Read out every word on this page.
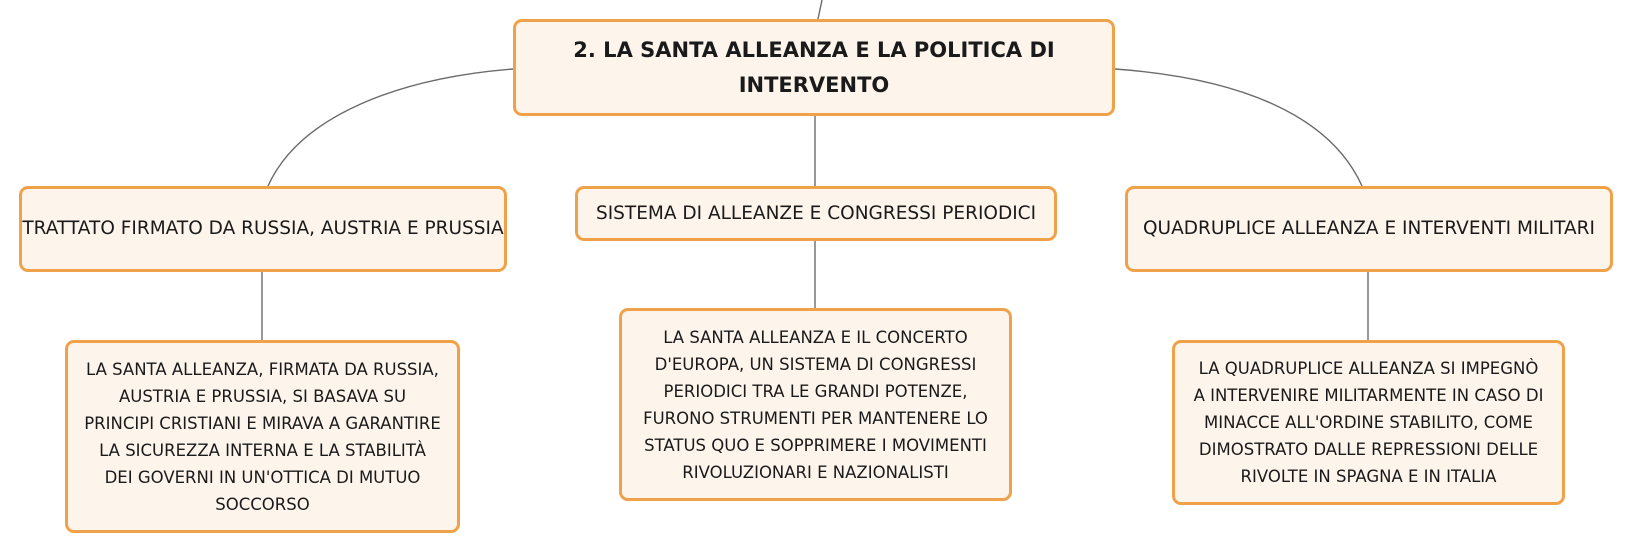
2. LA SANTA ALLEANZA E LA POLITICA DI INTERVENTO
TRATTATO FIRMATO DA RUSSIA, AUSTRIA E PRUSSIA
SISTEMA DI ALLEANZE E CONGRESSI PERIODICI
QUADRUPLICE ALLEANZA E INTERVENTI MILITARI
LA SANTA ALLEANZA, FIRMATA DA RUSSIA, AUSTRIA E PRUSSIA, SI BASAVA SU PRINCIPI CRISTIANI E MIRAVA A GARANTIRE LA SICUREZZA INTERNA E LA STABILITÀ DEI GOVERNI IN UN'OTTICA DI MUTUO SOCCORSO
LA SANTA ALLEANZA E IL CONCERTO D'EUROPA, UN SISTEMA DI CONGRESSI PERIODICI TRA LE GRANDI POTENZE, FURONO STRUMENTI PER MANTENERE LO STATUS QUO E SOPPRIMERE I MOVIMENTI RIVOLUZIONARI E NAZIONALISTI
LA QUADRUPLICE ALLEANZA SI IMPEGNÒ A INTERVENIRE MILITARMENTE IN CASO DI MINACCE ALL'ORDINE STABILITO, COME DIMOSTRATO DALLE REPRESSIONI DELLE RIVOLTE IN SPAGNA E IN ITALIA
